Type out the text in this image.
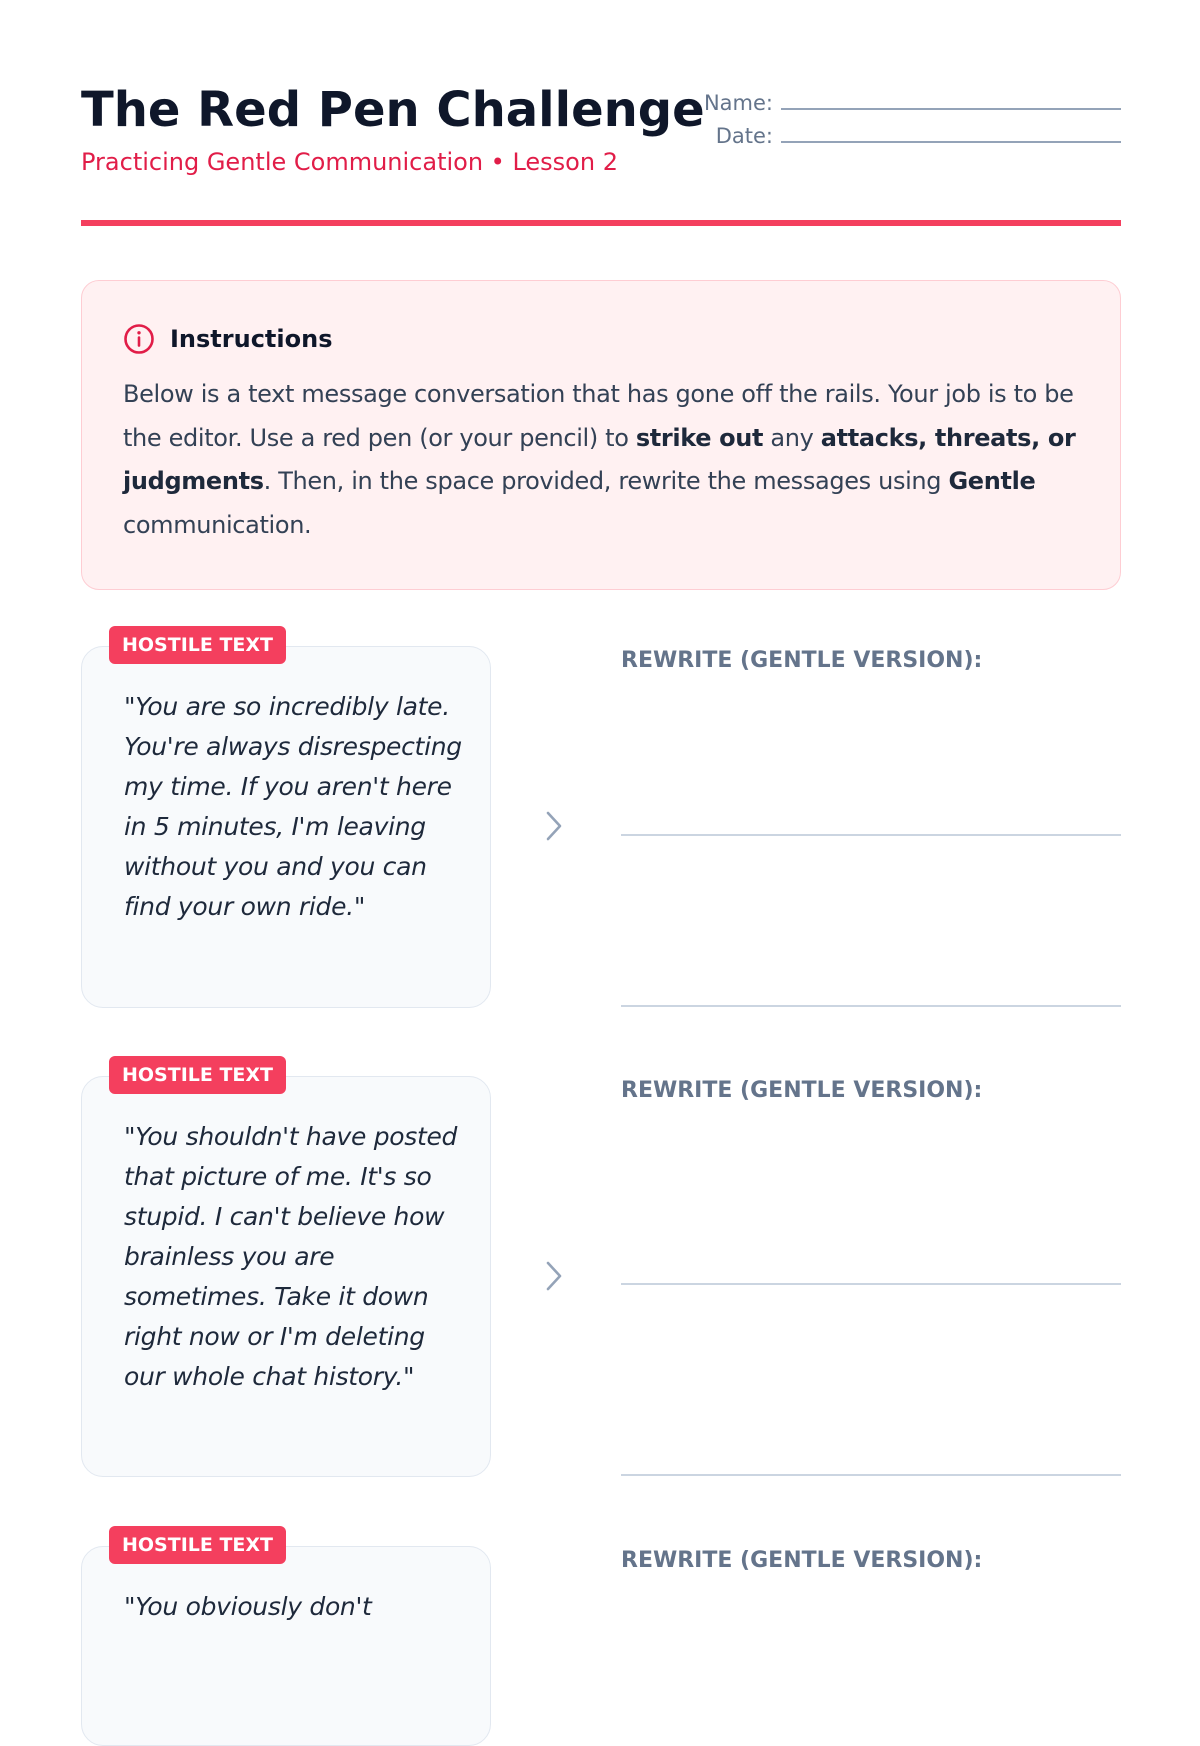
The Red Pen Challenge
Practicing Gentle Communication • Lesson 2
Name:
Date:
Instructions
Below is a text message conversation that has gone off the rails. Your job is to be the editor. Use a red pen (or your pencil) to strike out any attacks, threats, or judgments. Then, in the space provided, rewrite the messages using Gentle communication.
HOSTILE TEXT
"You are so incredibly late. You're always disrespecting my time. If you aren't here in 5 minutes, I'm leaving without you and you can find your own ride."
REWRITE (GENTLE VERSION):
HOSTILE TEXT
"You shouldn't have posted that picture of me. It's so stupid. I can't believe how brainless you are sometimes. Take it down right now or I'm deleting our whole chat history."
REWRITE (GENTLE VERSION):
HOSTILE TEXT
"You obviously don't
REWRITE (GENTLE VERSION):
